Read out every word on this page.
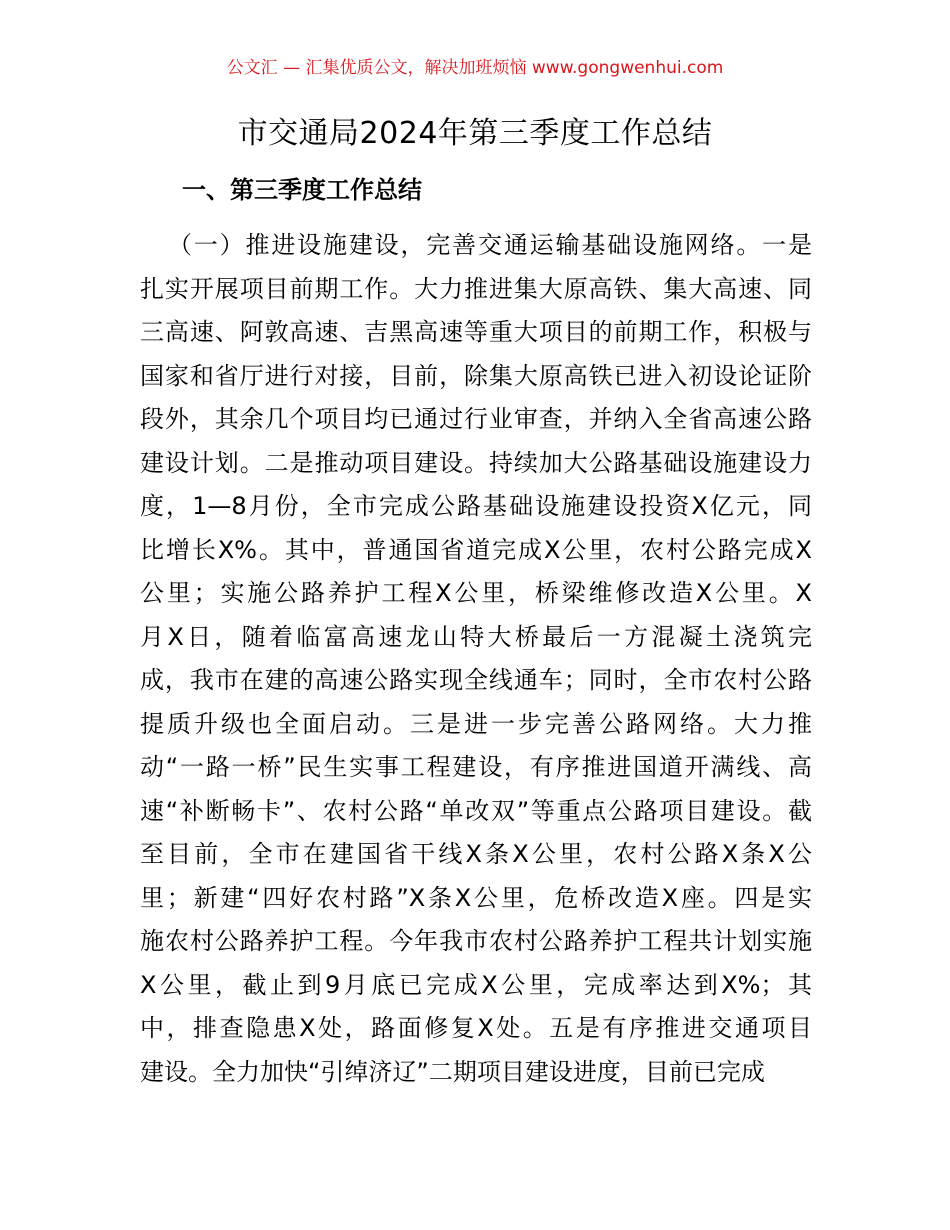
公文汇 — 汇集优质公文，解决加班烦恼 www.gongwenhui.com
市交通局2024年第三季度工作总结
一、第三季度工作总结
（一）推进设施建设，完善交通运输基础设施网络。一是
扎实开展项目前期工作。大力推进集大原高铁、集大高速、同
三高速、阿敦高速、吉黑高速等重大项目的前期工作，积极与
国家和省厅进行对接，目前，除集大原高铁已进入初设论证阶
段外，其余几个项目均已通过行业审查，并纳入全省高速公路
建设计划。二是推动项目建设。持续加大公路基础设施建设力
度，1—8月份，全市完成公路基础设施建设投资X亿元，同
比增长X%。其中，普通国省道完成X公里，农村公路完成X
公里；实施公路养护工程X公里，桥梁维修改造X公里。X
月X日，随着临富高速龙山特大桥最后一方混凝土浇筑完
成，我市在建的高速公路实现全线通车；同时，全市农村公路
提质升级也全面启动。三是进一步完善公路网络。大力推
动“一路一桥”民生实事工程建设，有序推进国道开满线、高
速“补断畅卡”、农村公路“单改双”等重点公路项目建设。截
至目前，全市在建国省干线X条X公里，农村公路X条X公
里；新建“四好农村路”X条X公里，危桥改造X座。四是实
施农村公路养护工程。今年我市农村公路养护工程共计划实施
X公里，截止到9月底已完成X公里，完成率达到X%；其
中，排查隐患X处，路面修复X处。五是有序推进交通项目
建设。全力加快“引绰济辽”二期项目建设进度，目前已完成
